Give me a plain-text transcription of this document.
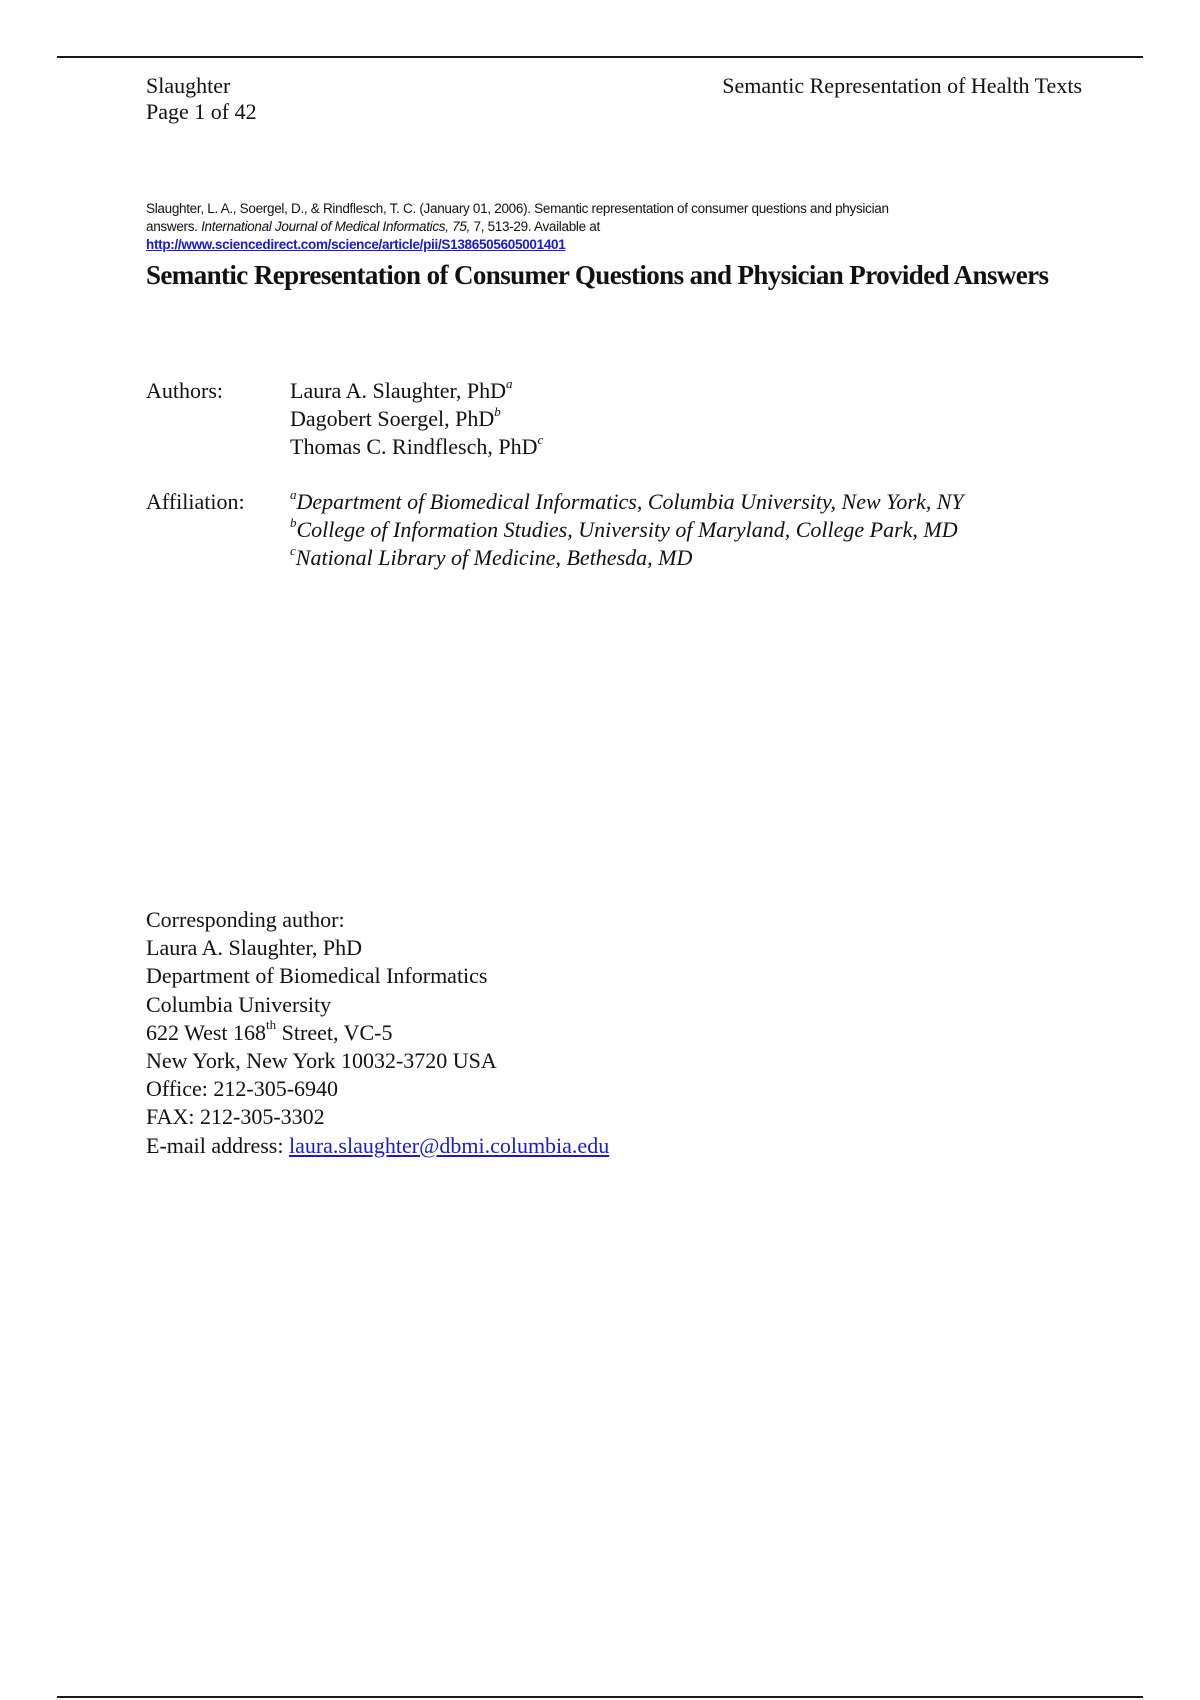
Slaughter
Page 1 of 42
Semantic Representation of Health Texts
Slaughter, L. A., Soergel, D., & Rindflesch, T. C. (January 01, 2006). Semantic representation of consumer questions and physician
answers. International Journal of Medical Informatics, 75, 7, 513-29. Available at
http://www.sciencedirect.com/science/article/pii/S1386505605001401
Semantic Representation of Consumer Questions and Physician Provided Answers
Authors:	Laura A. Slaughter, PhD$^a$
Dagobert Soergel, PhD$^b$
Thomas C. Rindflesch, PhD$^c$
Affiliation:	$^a$Department of Biomedical Informatics, Columbia University, New York, NY
$^b$College of Information Studies, University of Maryland, College Park, MD
$^c$National Library of Medicine, Bethesda, MD
Corresponding author:
Laura A. Slaughter, PhD
Department of Biomedical Informatics
Columbia University
622 West 168th Street, VC-5
New York, New York 10032-3720 USA
Office: 212-305-6940
FAX: 212-305-3302
E-mail address: laura.slaughter@dbmi.columbia.edu
